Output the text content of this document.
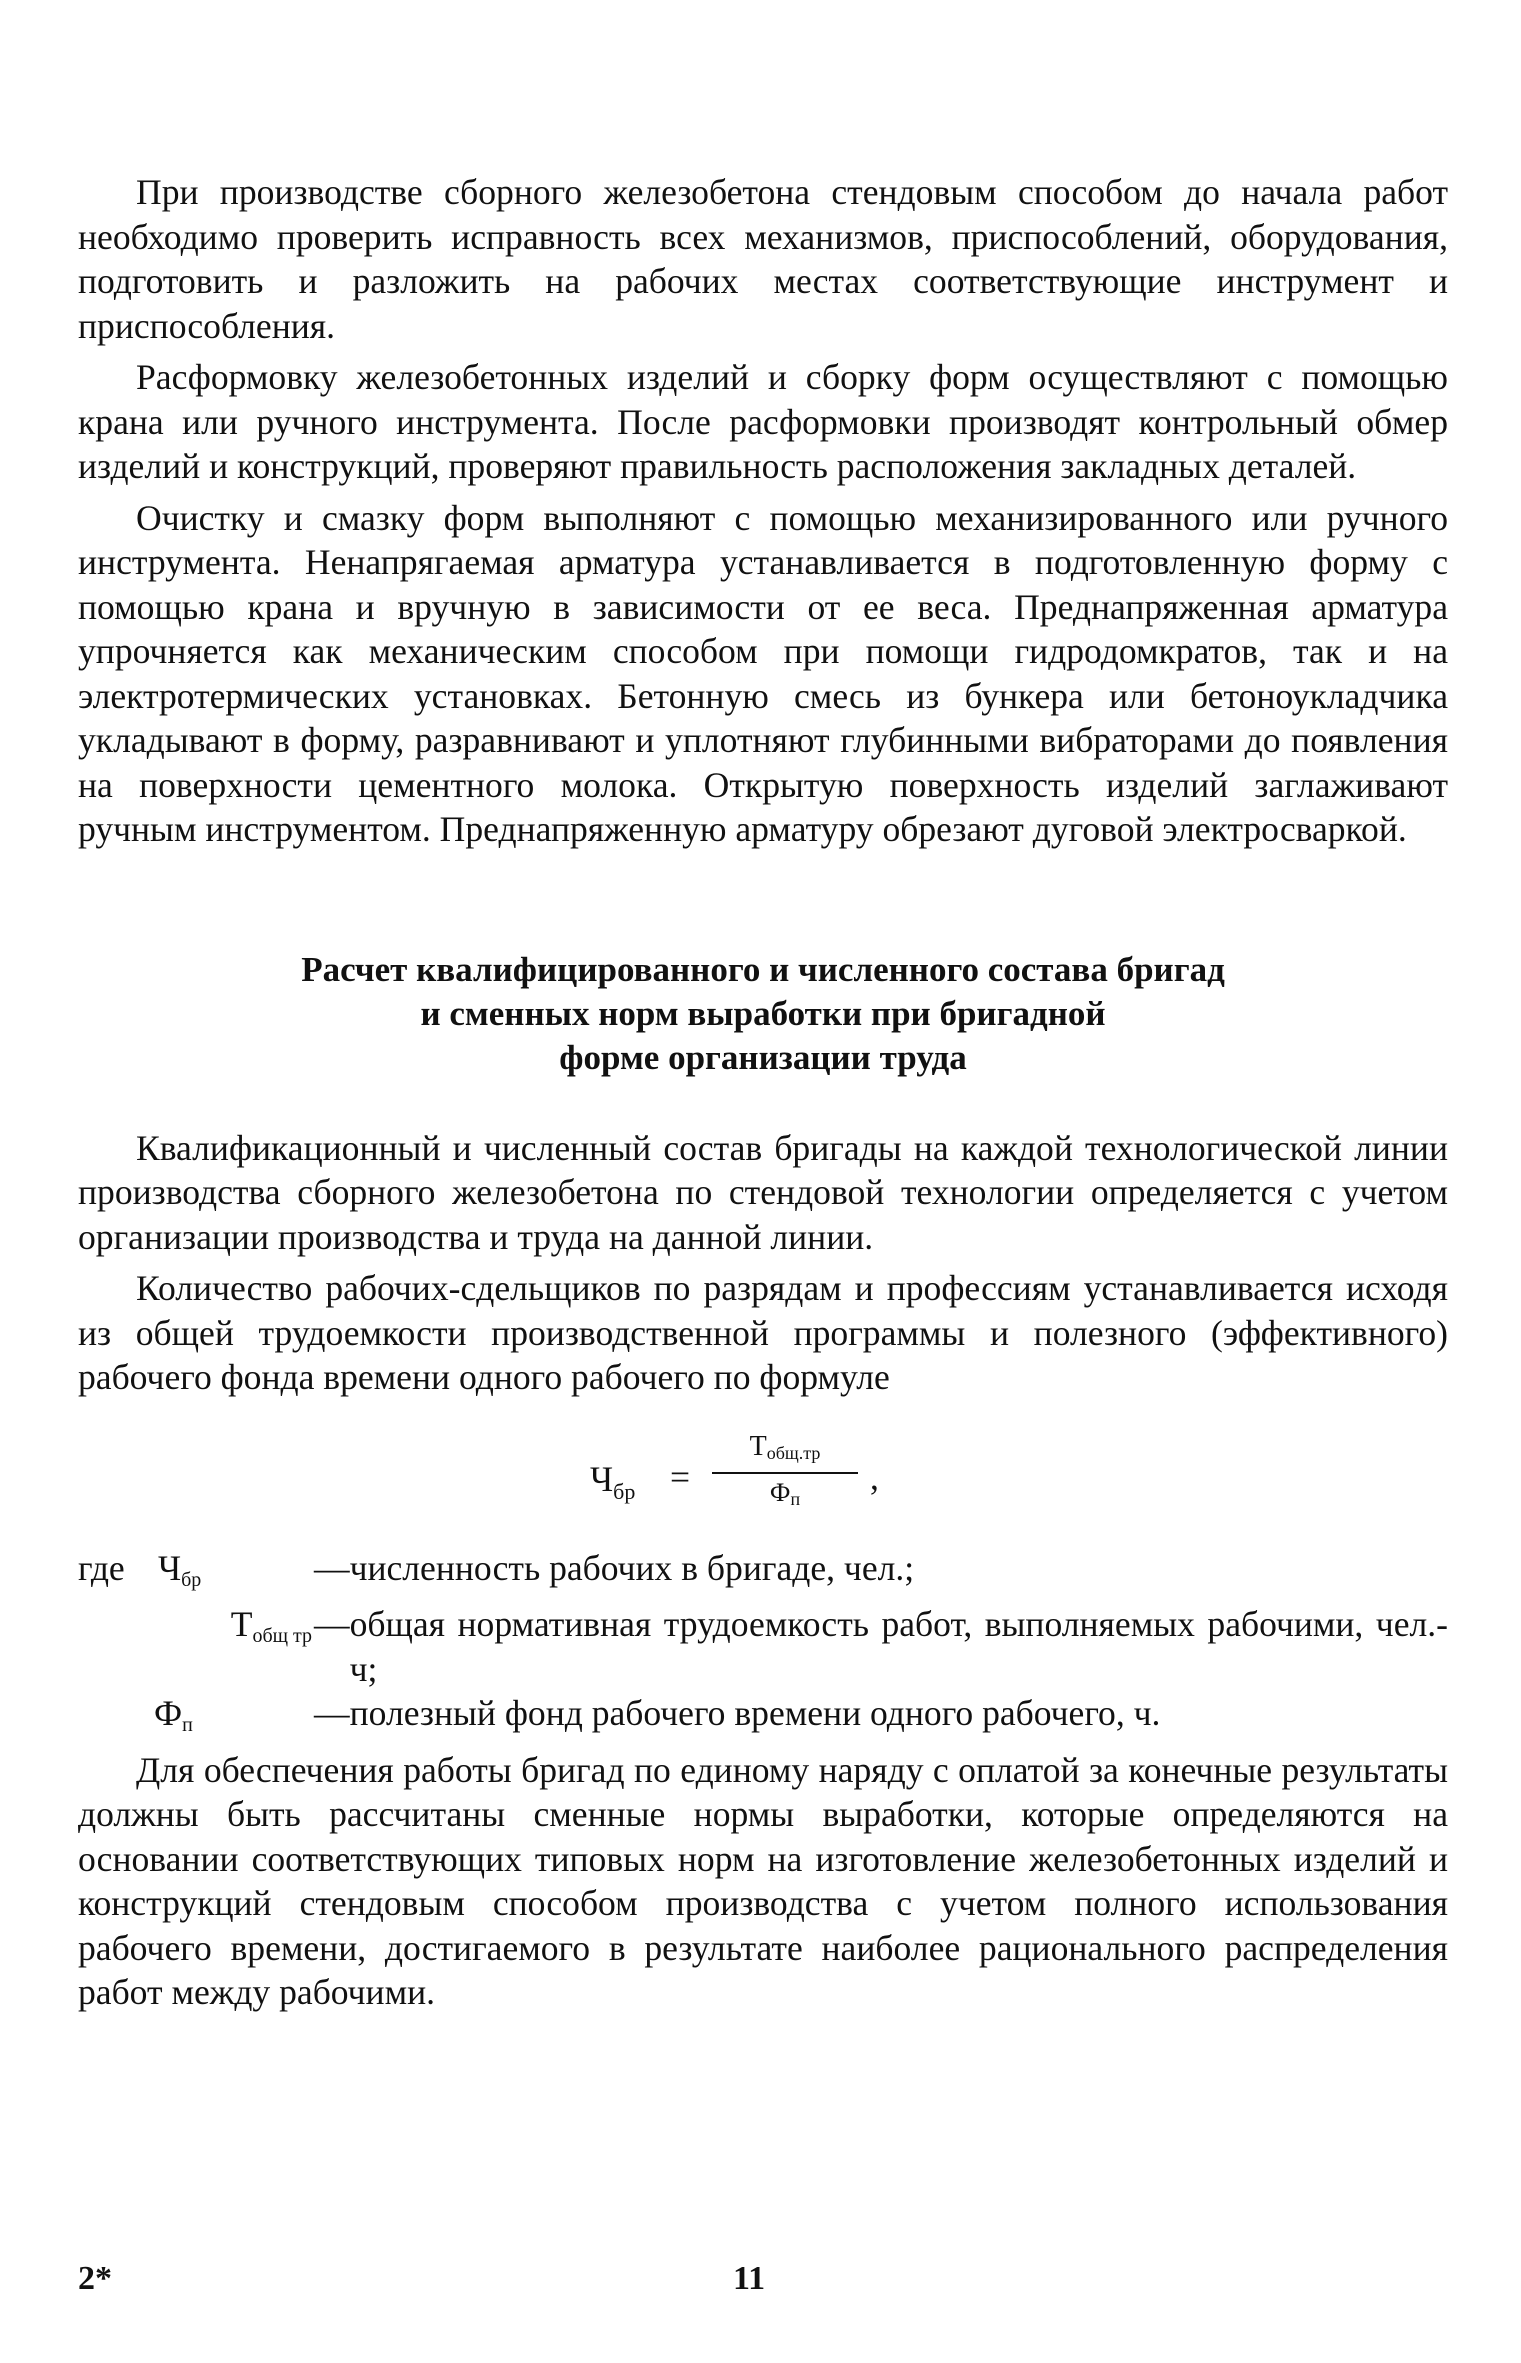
При производстве сборного железобетона стендовым способом до начала работ необходимо проверить исправность всех механизмов, приспособлений, оборудования, подготовить и разложить на рабочих местах соответствующие инструмент и приспособления.

Расформовку железобетонных изделий и сборку форм осуществляют с помощью крана или ручного инструмента. После расформовки производят контрольный обмер изделий и конструкций, проверяют правильность расположения закладных деталей.

Очистку и смазку форм выполняют с помощью механизированного или ручного инструмента. Ненапрягаемая арматура устанавливается в подготовленную форму с помощью крана и вручную в зависимости от ее веса. Преднапряженная арматура упрочняется как механическим способом при помощи гидродомкратов, так и на электротермических установках. Бетонную смесь из бункера или бетоноукладчика укладывают в форму, разравнивают и уплотняют глубинными вибраторами до появления на поверхности цементного молока. Открытую поверхность изделий заглаживают ручным инструментом. Преднапряженную арматуру обрезают дуговой электросваркой.

Расчет квалифицированного и численного состава бригад
и сменных норм выработки при бригадной
форме организации труда

Квалификационный и численный состав бригады на каждой технологической линии производства сборного железобетона по стендовой технологии определяется с учетом организации производства и труда на данной линии.

Количество рабочих-сдельщиков по разрядам и профессиям устанавливается исходя из общей трудоемкости производственной программы и полезного (эффективного) рабочего фонда времени одного рабочего по формуле

$Ч_{бр}$ =
$Т_{общ.тр}$
$Ф_п$
,
где $Ч_{бр}$	— численность рабочих в бригаде, чел.;
$Т_{общ тр}$ — общая нормативная трудоемкость работ, выполняемых рабочими, чел.-ч;
$Ф_п$	— полезный фонд рабочего времени одного рабочего, ч.

Для обеспечения работы бригад по единому наряду с оплатой за конечные результаты должны быть рассчитаны сменные нормы выработки, которые определяются на основании соответствующих типовых норм на изготовление железобетонных изделий и конструкций стендовым способом производства с учетом полного использования рабочего времени, достигаемого в результате наиболее рационального распределения работ между рабочими.

2*	11
